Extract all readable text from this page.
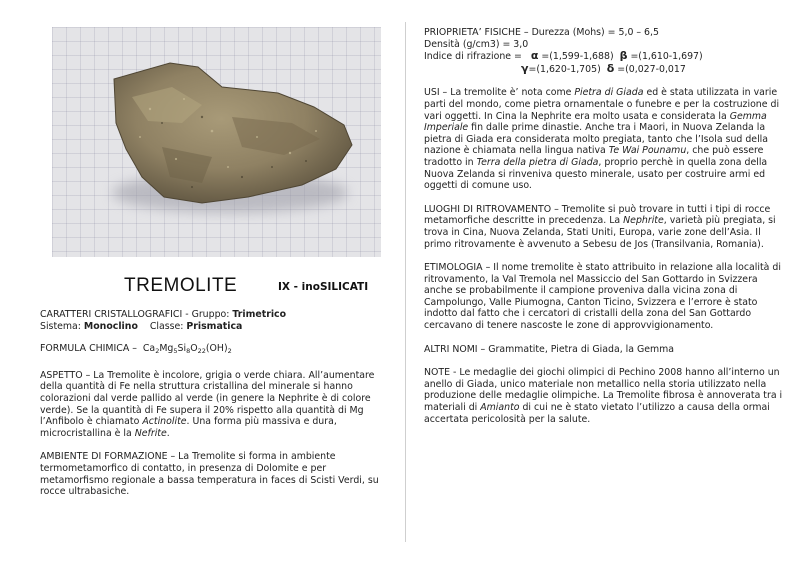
TREMOLITE	IX - inoSILICATI

CARATTERI CRISTALLOGRAFICI - Gruppo: Trimetrico
Sistema: Monoclino Classe: Prismatica

FORMULA CHIMICA – $Ca_2Mg_5Si_8O_{22}(OH)_2$

ASPETTO – La Tremolite è incolore, grigia o verde chiara. All’aumentare della quantità di Fe nella struttura cristallina del minerale si hanno colorazioni dal verde pallido al verde (in genere la Nephrite è di colore verde). Se la quantità di Fe supera il 20% rispetto alla quantità di Mg l’Anfibolo è chiamato Actinolite. Una forma più massiva e dura, microcristallina è la Nefrite.

AMBIENTE DI FORMAZIONE – La Tremolite si forma in ambiente termometamorfico di contatto, in presenza di Dolomite e per metamorfismo regionale a bassa temperatura in faces di Scisti Verdi, su rocce ultrabasiche.

PRIOPRIETA’ FISICHE – Durezza (Mohs) = 5,0 – 6,5
Densità (g/cm3) = 3,0
Indice di rifrazione = α =(1,599-1,688) β =(1,610-1,697)
γ=(1,620-1,705) δ =(0,027-0,017

USI – La tremolite è’ nota come Pietra di Giada ed è stata utilizzata in varie parti del mondo, come pietra ornamentale o funebre e per la costruzione di vari oggetti. In Cina la Nephrite era molto usata e considerata la Gemma Imperiale fin dalle prime dinastie. Anche tra i Maori, in Nuova Zelanda la pietra di Giada era considerata molto pregiata, tanto che l’Isola sud della nazione è chiamata nella lingua nativa Te Wai Pounamu, che può essere tradotto in Terra della pietra di Giada, proprio perchè in quella zona della Nuova Zelanda si rinveniva questo minerale, usato per costruire armi ed oggetti di comune uso.

LUOGHI DI RITROVAMENTO – Tremolite si può trovare in tutti i tipi di rocce metamorfiche descritte in precedenza. La Nephrite, varietà più pregiata, si trova in Cina, Nuova Zelanda, Stati Uniti, Europa, varie zone dell’Asia. Il primo ritrovamente è avvenuto a Sebesu de Jos (Transilvania, Romania).

ETIMOLOGIA – Il nome tremolite è stato attribuito in relazione alla località di ritrovamento, la Val Tremola nel Massiccio del San Gottardo in Svizzera anche se probabilmente il campione proveniva dalla vicina zona di Campolungo, Valle Piumogna, Canton Ticino, Svizzera e l’errore è stato indotto dal fatto che i cercatori di cristalli della zona del San Gottardo cercavano di tenere nascoste le zone di approvvigionamento.

ALTRI NOMI – Grammatite, Pietra di Giada, la Gemma

NOTE - Le medaglie dei giochi olimpici di Pechino 2008 hanno all’interno un anello di Giada, unico materiale non metallico nella storia utilizzato nella produzione delle medaglie olimpiche. La Tremolite fibrosa è annoverata tra i materiali di Amianto di cui ne è stato vietato l’utilizzo a causa della ormai accertata pericolosità per la salute.
